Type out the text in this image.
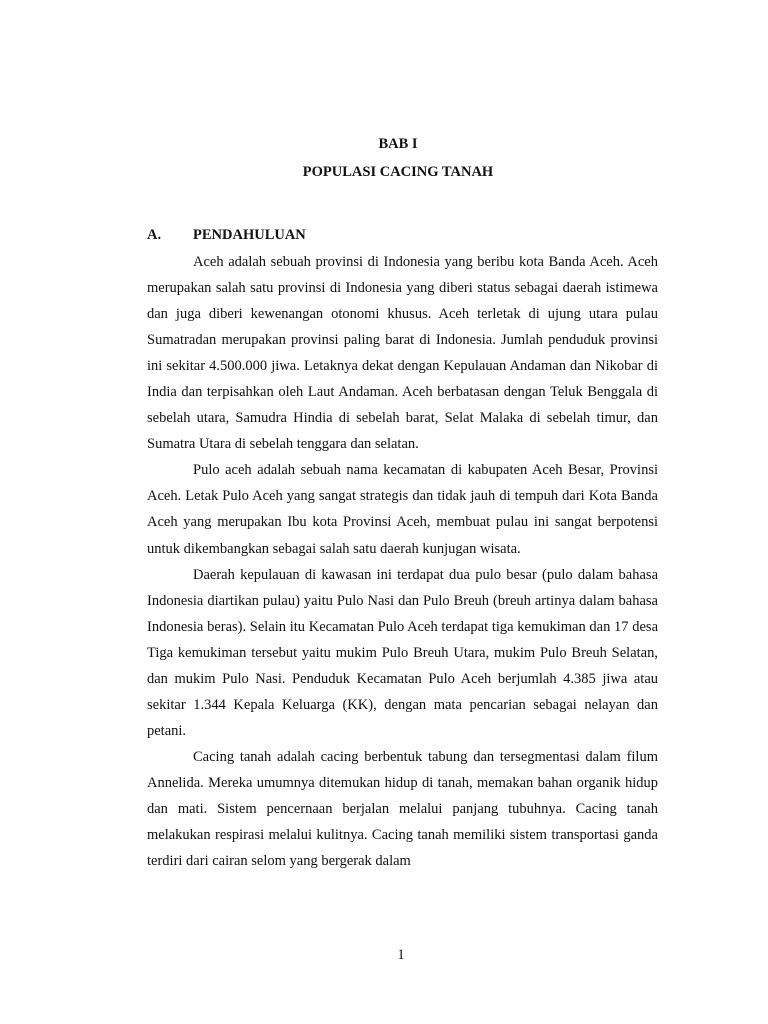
BAB I
POPULASI CACING TANAH
A. PENDAHULUAN

Aceh adalah sebuah provinsi di Indonesia yang beribu kota Banda Aceh. Aceh merupakan salah satu provinsi di Indonesia yang diberi status sebagai daerah istimewa dan juga diberi kewenangan otonomi khusus. Aceh terletak di ujung utara pulau Sumatradan merupakan provinsi paling barat di Indonesia. Jumlah penduduk provinsi ini sekitar 4.500.000 jiwa. Letaknya dekat dengan Kepulauan Andaman dan Nikobar di India dan terpisahkan oleh Laut Andaman. Aceh berbatasan dengan Teluk Benggala di sebelah utara, Samudra Hindia di sebelah barat, Selat Malaka di sebelah timur, dan Sumatra Utara di sebelah tenggara dan selatan.

Pulo aceh adalah sebuah nama kecamatan di kabupaten Aceh Besar, Provinsi Aceh. Letak Pulo Aceh yang sangat strategis dan tidak jauh di tempuh dari Kota Banda Aceh yang merupakan Ibu kota Provinsi Aceh, membuat pulau ini sangat berpotensi untuk dikembangkan sebagai salah satu daerah kunjugan wisata.

Daerah kepulauan di kawasan ini terdapat dua pulo besar (pulo dalam bahasa Indonesia diartikan pulau) yaitu Pulo Nasi dan Pulo Breuh (breuh artinya dalam bahasa Indonesia beras). Selain itu Kecamatan Pulo Aceh terdapat tiga kemukiman dan 17 desa Tiga kemukiman tersebut yaitu mukim Pulo Breuh Utara, mukim Pulo Breuh Selatan, dan mukim Pulo Nasi. Penduduk Kecamatan Pulo Aceh berjumlah 4.385 jiwa atau sekitar 1.344 Kepala Keluarga (KK), dengan mata pencarian sebagai nelayan dan petani.

Cacing tanah adalah cacing berbentuk tabung dan tersegmentasi dalam filum Annelida. Mereka umumnya ditemukan hidup di tanah, memakan bahan organik hidup dan mati. Sistem pencernaan berjalan melalui panjang tubuhnya. Cacing tanah melakukan respirasi melalui kulitnya. Cacing tanah memiliki sistem transportasi ganda terdiri dari cairan selom yang bergerak dalam

1
